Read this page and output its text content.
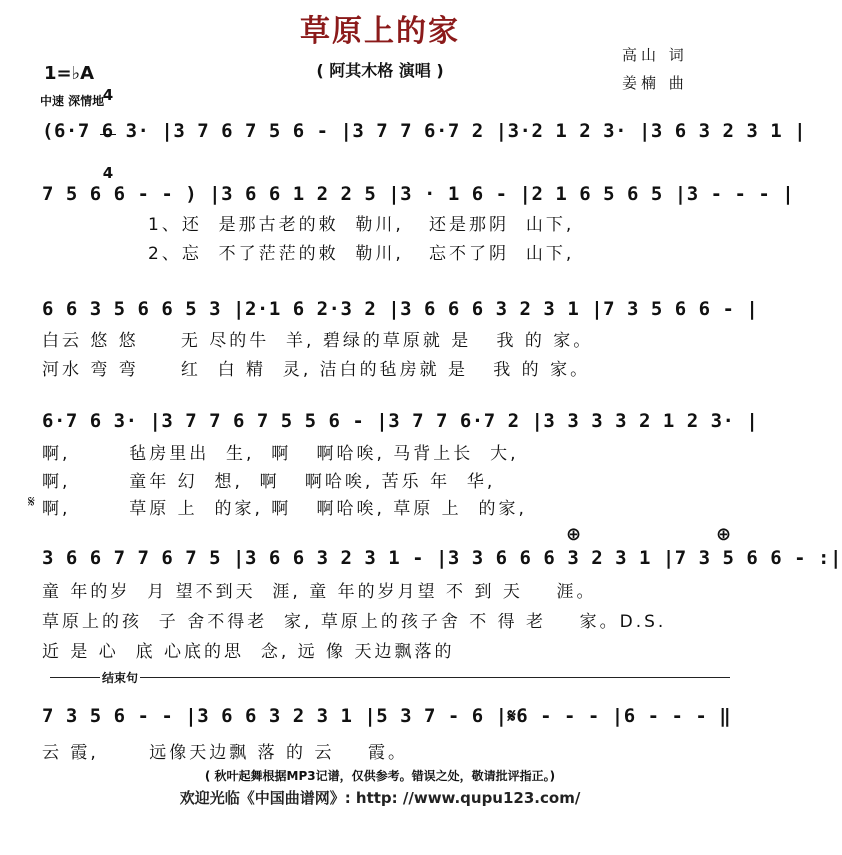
草原上的家
( 阿其木格 演唱 )
高山 词
姜楠 曲
1=♭A

4

4

中速 深情地
(6·7 6 3· |3 7 6 7 5 6 - |3 7 7 6·7 2 |3·2 1 2 3· |3 6 3 2 3 1 |
7 5 6 6 - - ) |3 6 6 1 2 2 5 |3 · 1 6 - |2 1 6 5 6 5 |3 - - - |
1、还  是那古老的敕  勒川,   还是那阴  山下,
2、忘  不了茫茫的敕  勒川,   忘不了阴  山下,
6 6 3 5 6 6 5 3 |2·1 6 2·3 2 |3 6 6 6 3 2 3 1 |7 3 5 6 6 - |
白云 悠 悠     无 尽的牛  羊, 碧绿的草原就 是   我 的 家。
河水 弯 弯     红  白 精  灵, 洁白的毡房就 是   我 的 家。
6·7 6 3· |3 7 7 6 7 5 5 6 - |3 7 7 6·7 2 |3 3 3 3 2 1 2 3· |
啊,       毡房里出  生,  啊   啊哈唉, 马背上长  大,
啊,       童年 幻  想,  啊   啊哈唉, 苦乐 年  华,
𝄋 啊,       草原 上  的家, 啊   啊哈唉, 草原 上  的家,
⊕	⊕
3 6 6 7 7 6 7 5 |3 6 6 3 2 3 1 - |3 3 6 6 6 3 2 3 1 |7 3 5 6 6 - :|
童 年的岁  月 望不到天  涯, 童 年的岁月望 不 到 天    涯。
草原上的孩  子 舍不得老  家, 草原上的孩子舍 不 得 老    家。D.S.
近 是 心  底 心底的思  念, 远 像 天边飘落的
结束句
7 3 5 6 - - |3 6 6 3 2 3 1 |5 3 7 - 6 |𝄋6 - - - |6 - - - ‖
云 霞,      远像天边飘 落 的 云    霞。
( 秋叶起舞根据MP3记谱，仅供参考。错误之处，敬请批评指正。)
欢迎光临《中国曲谱网》: http: //www.qupu123.com/
